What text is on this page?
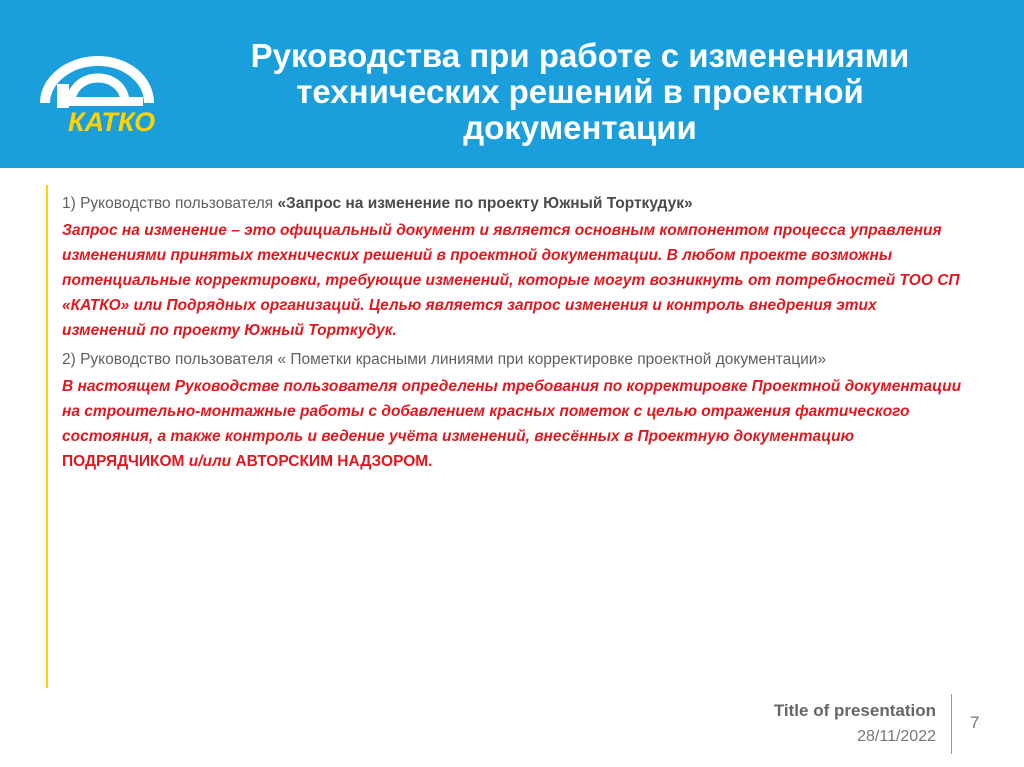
КАТКО
Руководства при работе с изменениями
технических решений в проектной
документации

1) Руководство пользователя «Запрос на изменение по проекту Южный Торткудук»

Запрос на изменение – это официальный документ и является основным компонентом процесса управления изменениями принятых технических решений в проектной документации. В любом проекте возможны потенциальные корректировки, требующие изменений, которые могут возникнуть от потребностей ТОО СП «КАТКО» или Подрядных организаций. Целью является запрос изменения и контроль внедрения этих изменений по проекту Южный Торткудук.

2) Руководство пользователя « Пометки красными линиями при корректировке проектной документации»

В настоящем Руководстве пользователя определены требования по корректировке Проектной документации на строительно-монтажные работы с добавлением красных пометок с целью отражения фактического состояния, а также контроль и ведение учёта изменений, внесённых в Проектную документацию ПОДРЯДЧИКОМ и/или АВТОРСКИМ НАДЗОРОМ.

Title of presentation
28/11/2022
7
